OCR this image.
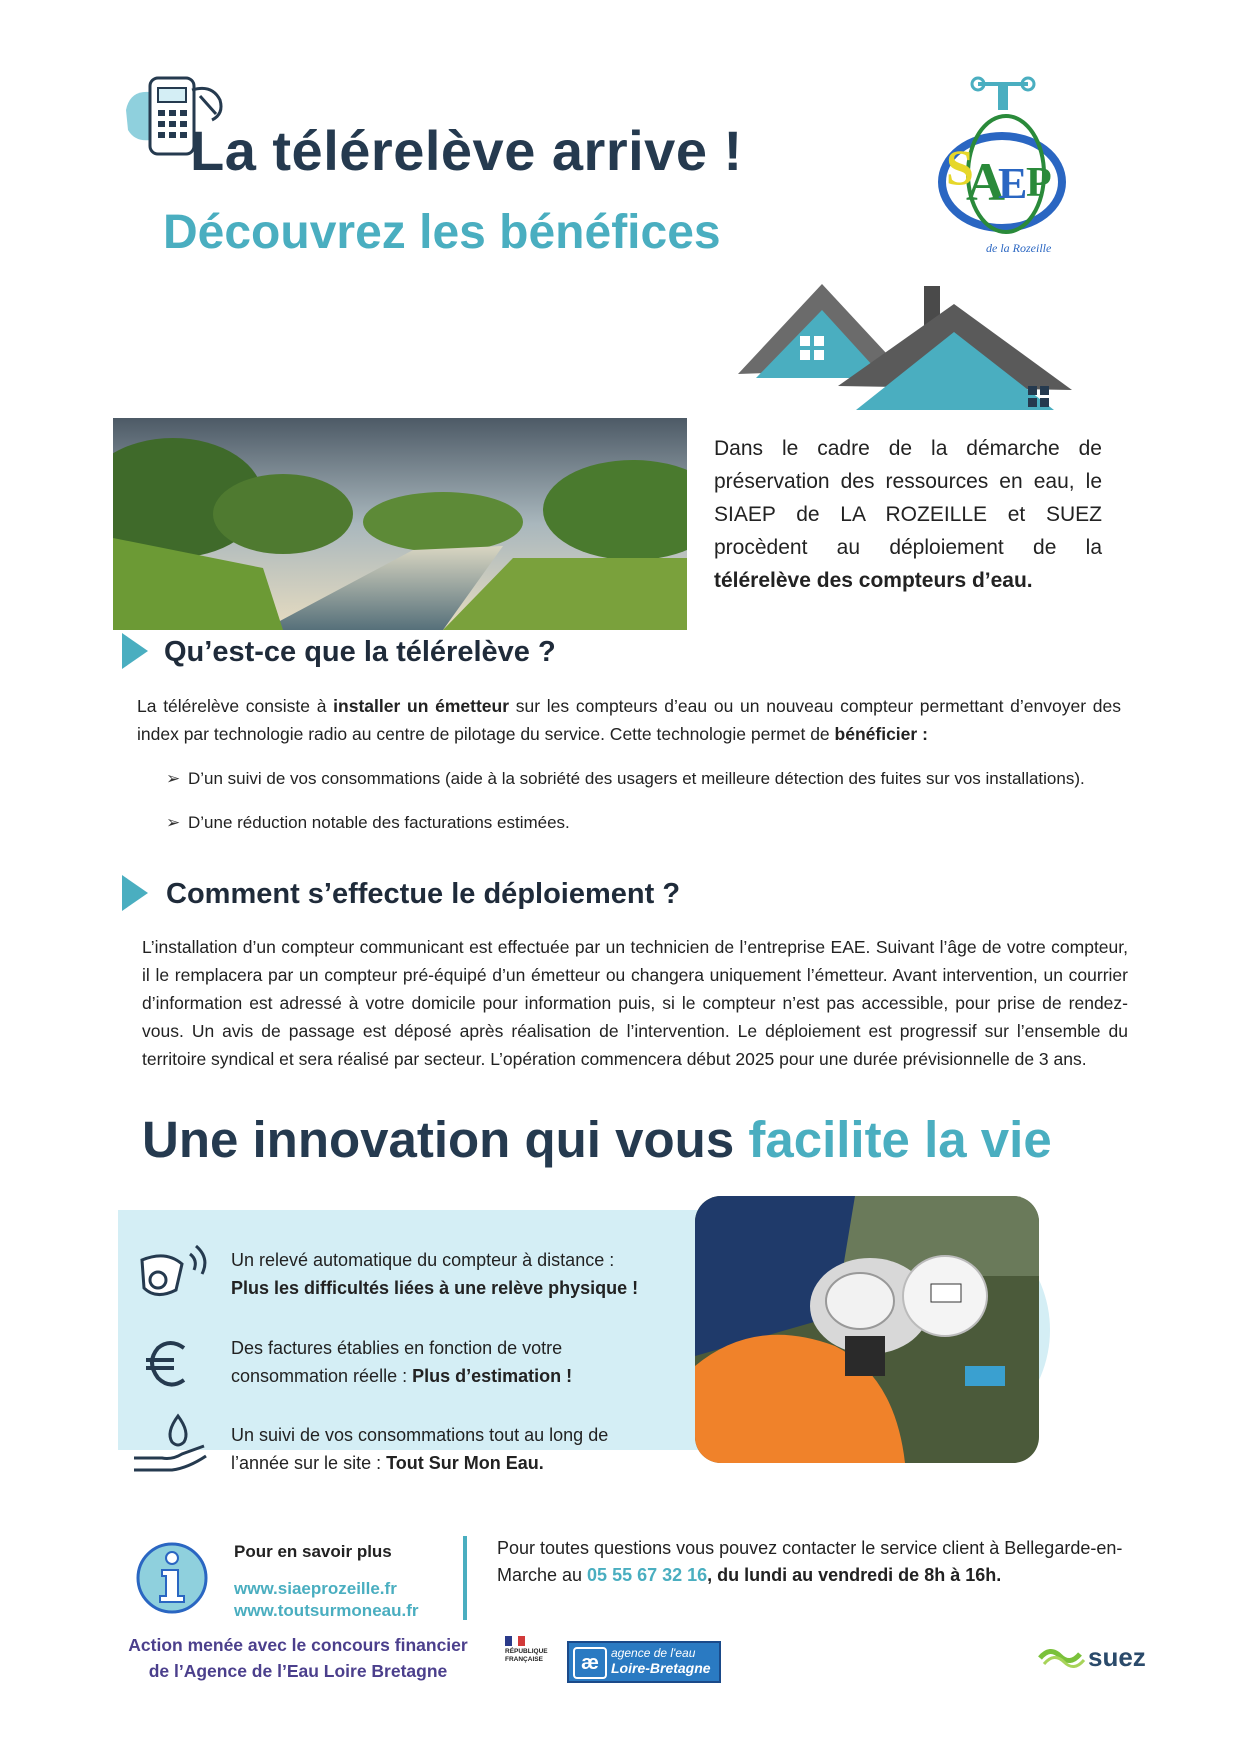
La télérelève arrive !
Découvrez les bénéfices
A
E
P
S
de la Rozeille
Dans le cadre de la démarche de préservation des ressources en eau, le SIAEP de LA ROZEILLE et SUEZ procèdent au déploiement de la télérelève des compteurs d’eau.
Qu’est-ce que la télérelève ?
La télérelève consiste à installer un émetteur sur les compteurs d’eau ou un nouveau compteur permettant d’envoyer des index par technologie radio au centre de pilotage du service. Cette technologie permet de bénéficier :
➢ D’un suivi de vos consommations (aide à la sobriété des usagers et meilleure détection des fuites sur vos installations).
➢ D’une réduction notable des facturations estimées.
Comment s’effectue le déploiement ?
L’installation d’un compteur communicant est effectuée par un technicien de l’entreprise EAE. Suivant l’âge de votre compteur, il le remplacera par un compteur pré-équipé d’un émetteur ou changera uniquement l’émetteur. Avant intervention, un courrier d’information est adressé à votre domicile pour information puis, si le compteur n’est pas accessible, pour prise de rendez-vous. Un avis de passage est déposé après réalisation de l’intervention. Le déploiement est progressif sur l’ensemble du territoire syndical et sera réalisé par secteur. L’opération commencera début 2025 pour une durée prévisionnelle de 3 ans.
Une innovation qui vous facilite la vie
Un relevé automatique du compteur à distance :
Plus les difficultés liées à une relève physique !
Des factures établies en fonction de votre consommation réelle : Plus d’estimation !
Un suivi de vos consommations tout au long de l’année sur le site : Tout Sur Mon Eau.
Pour en savoir plus
www.siaeprozeille.fr
www.toutsurmoneau.fr
Pour toutes questions vous pouvez contacter le service client à Bellegarde-en-Marche au 05 55 67 32 16, du lundi au vendredi de 8h à 16h.
Action menée avec le concours financier de l’Agence de l’Eau Loire Bretagne
RÉPUBLIQUE FRANÇAISE	æ	agence de l'eau
Loire-Bretagne	suez
